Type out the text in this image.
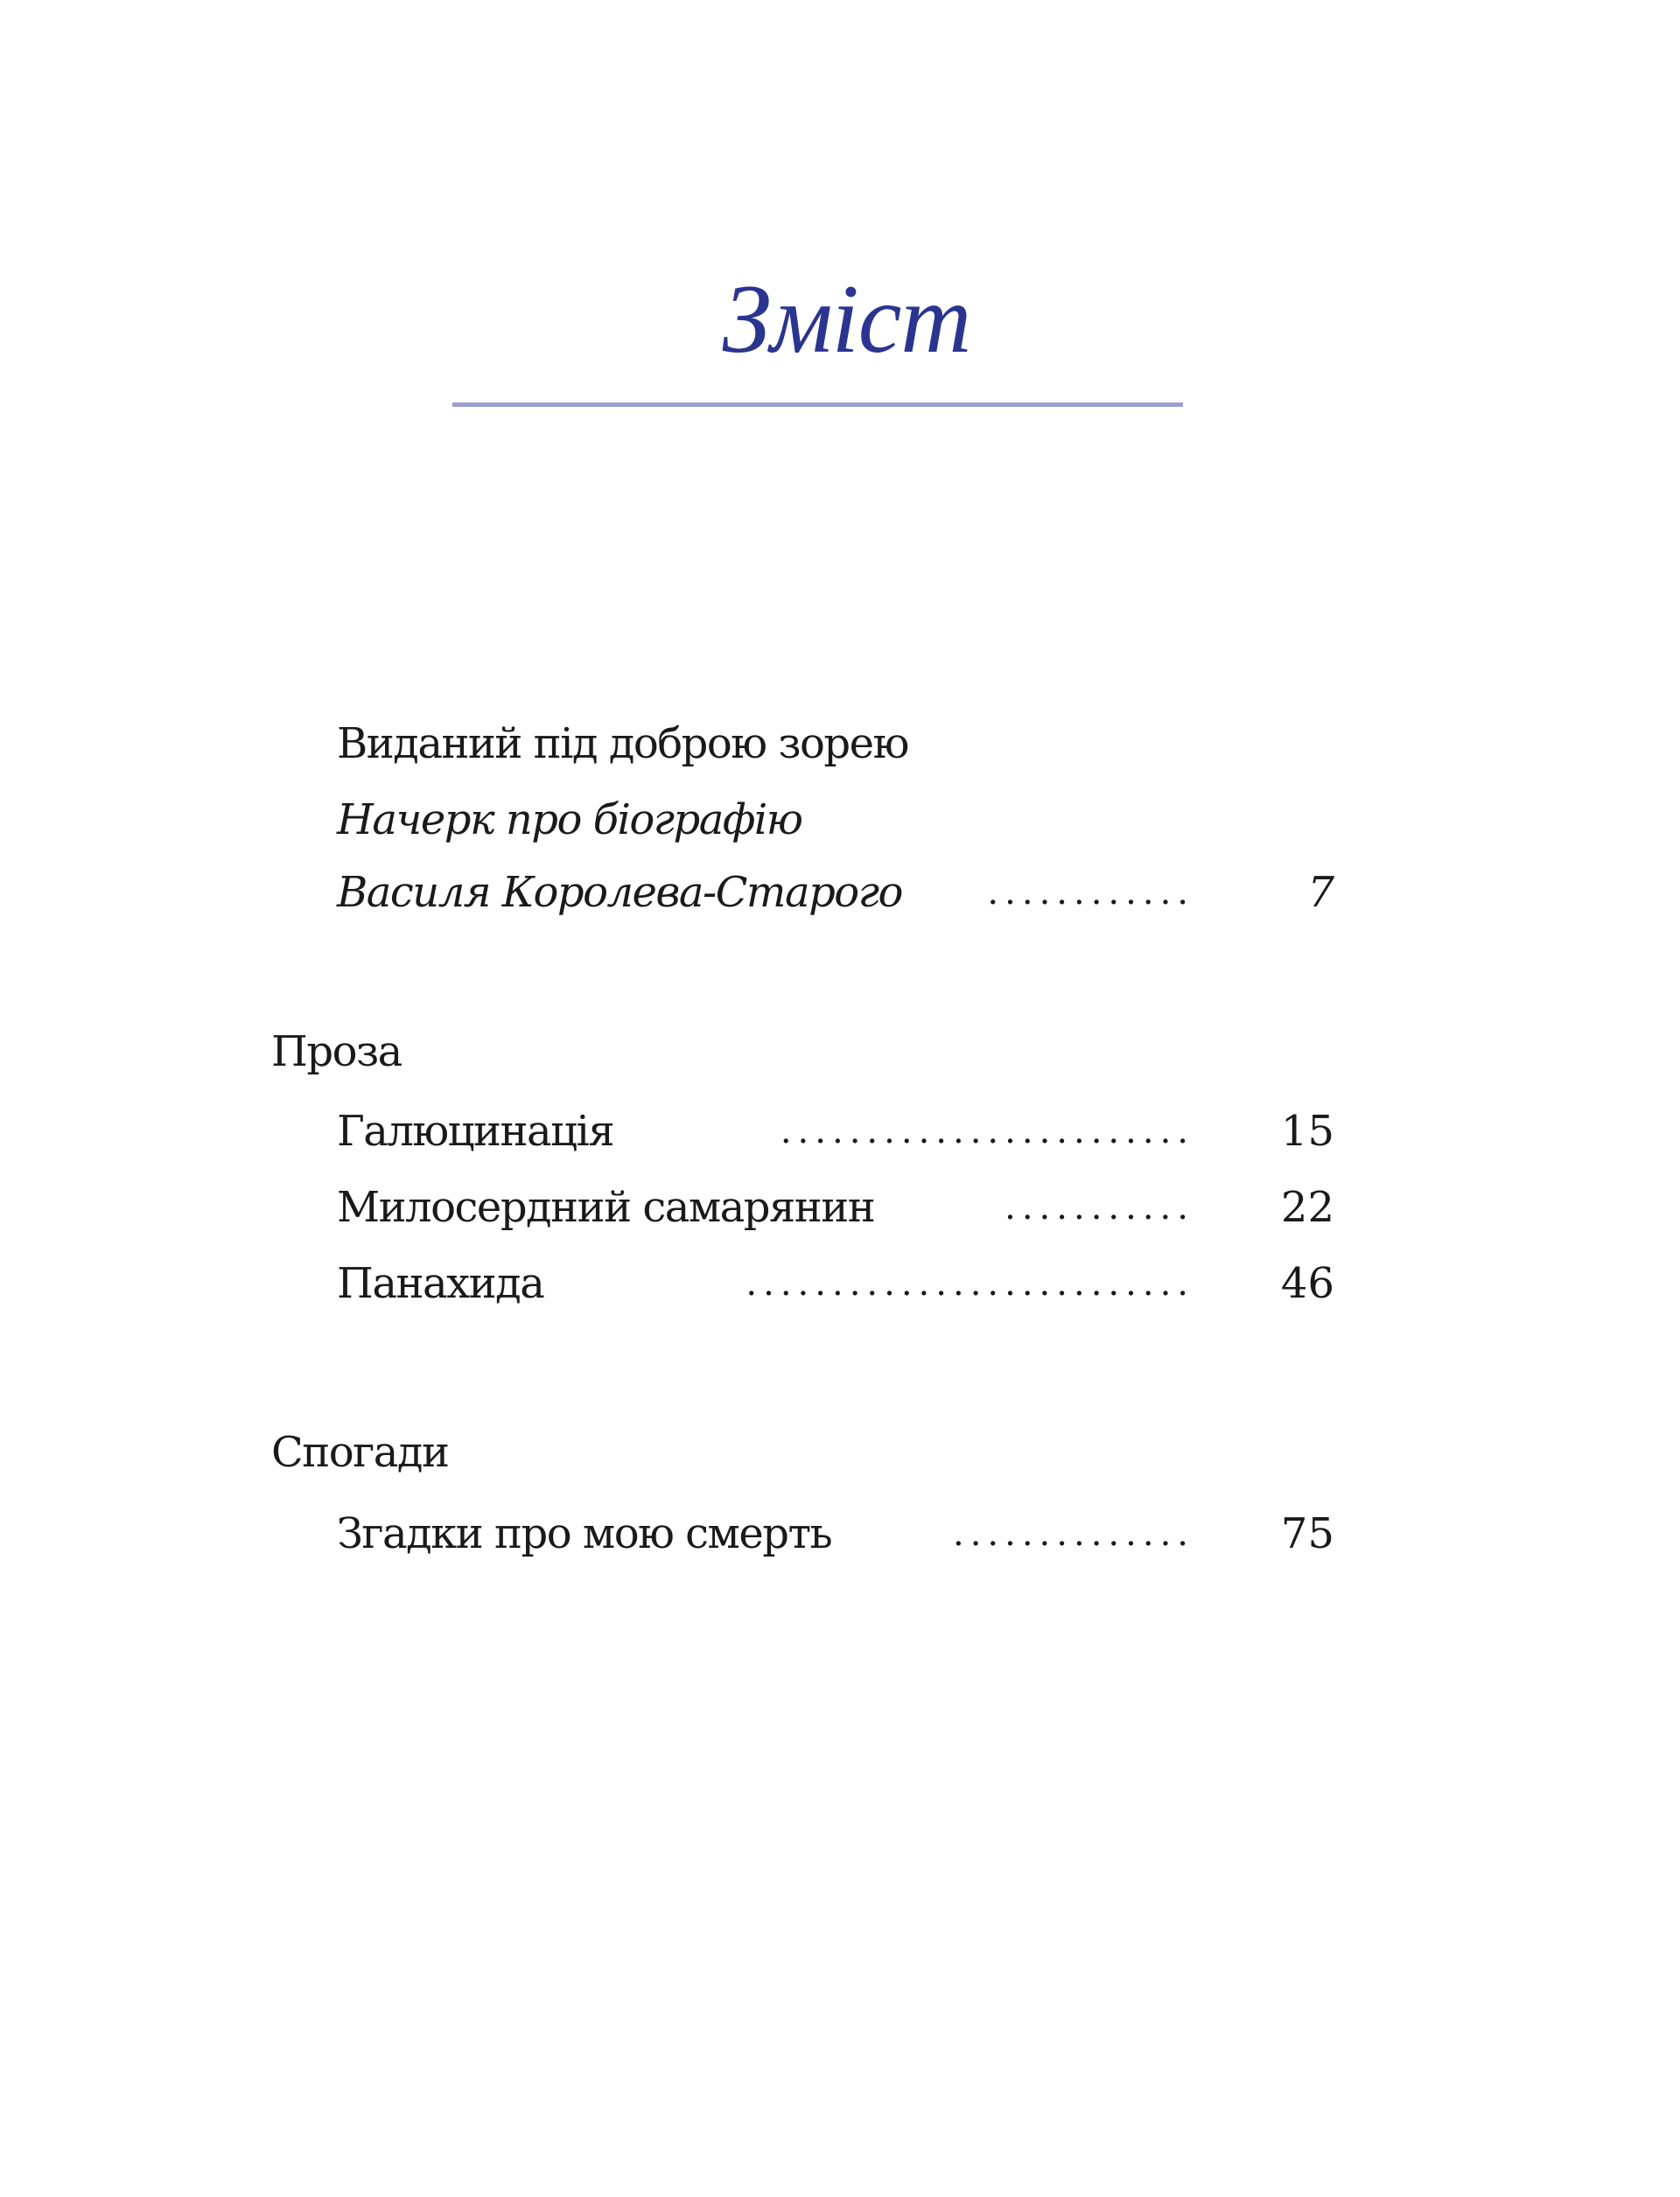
Зміст
Виданий під доброю зорею
Начерк про біографію
Василя Королева-Старого ............	7
Проза
Галюцинація	........................ 15
Милосердний самарянин	........... 22
Панахида	.......................... 46
Спогади
Згадки про мою смерть	.............. 75
